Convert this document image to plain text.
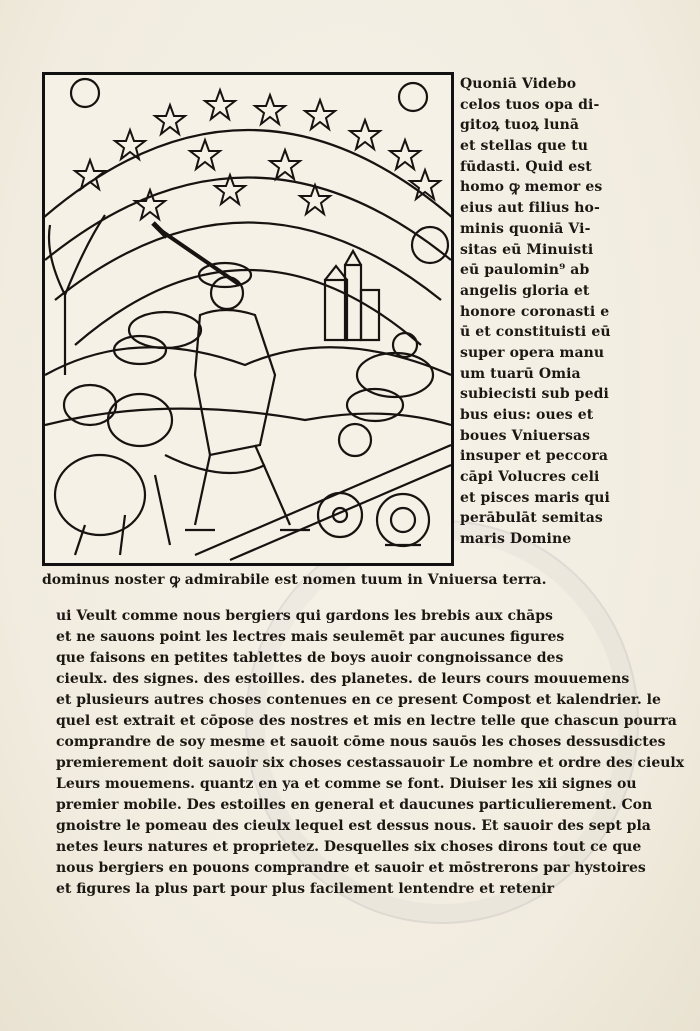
Quoniā Videbo
celos tuos opa di‑
gitoꝝ tuoꝝ lunā
et stellas que tu
fūdasti. Quid est
homo ꝙ memor es
eius aut filius ho‑
minis quoniā Vi‑
sitas eū Minuisti
eū paulomin⁹ ab
angelis gloria et
honore coronasti e
ū et constituisti eū
super opera manu
um tuarū Omia
subiecisti sub pedi
bus eius: oues et
boues Vniuersas
insuper et peccora
cāpi Volucres celi
et pisces maris qui
perābulāt semitas
maris Domine
dominus noster ꝙ admirabile est nomen tuum in Vniuersa terra.
ui Veult comme nous bergiers qui gardons les brebis aux chāps
et ne sauons point les lectres mais seulemēt par aucunes figures
que faisons en petites tablettes de boys auoir congnoissance des
cieulx. des signes. des estoilles. des planetes. de leurs cours mouuemens
et plusieurs autres choses contenues en ce present Compost et kalendrier. le
quel est extrait et cōpose des nostres et mis en lectre telle que chascun pourra
comprandre de soy mesme et sauoit cōme nous sauōs les choses dessusdictes
premierement doit sauoir six choses cestassauoir Le nombre et ordre des cieulx
Leurs mouemens. quantz en ya et comme se font. Diuiser les xii signes ou
premier mobile. Des estoilles en general et daucunes particulierement. Con
gnoistre le pomeau des cieulx lequel est dessus nous. Et sauoir des sept pla
netes leurs natures et proprietez. Desquelles six choses dirons tout ce que
nous bergiers en pouons comprandre et sauoir et mōstrerons par hystoires
et figures la plus part pour plus facilement lentendre et retenir
